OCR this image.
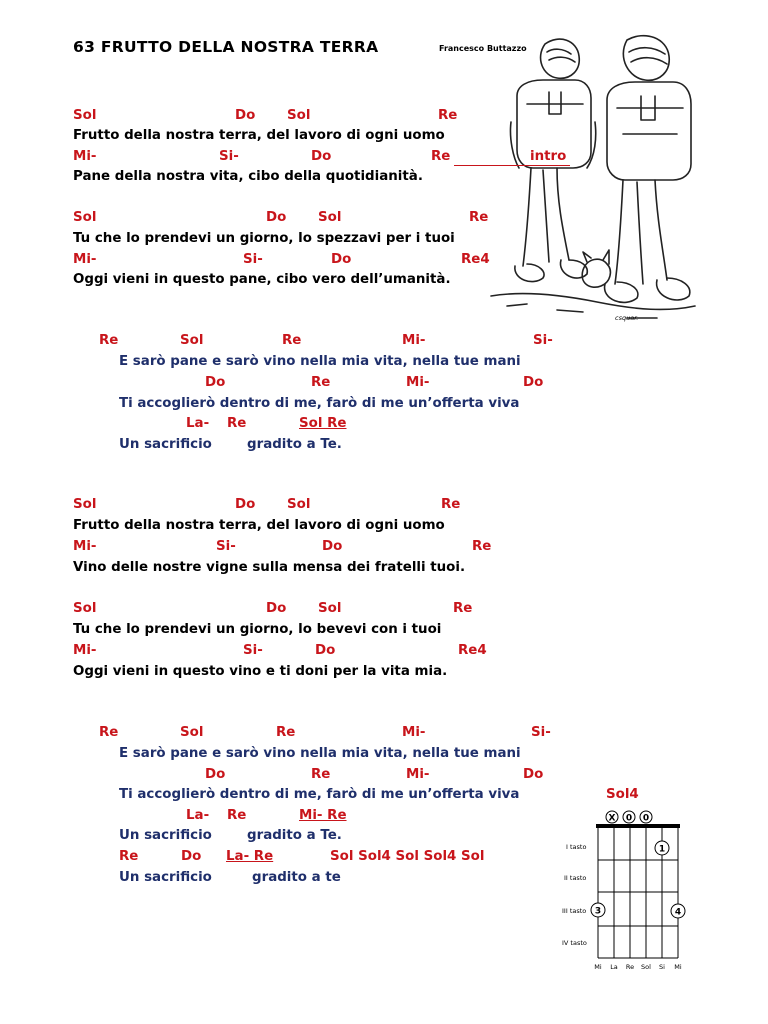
63 FRUTTO DELLA NOSTRA TERRA	Francesco Buttazzo
csquar.
Sol	Do Sol	Re
Frutto della nostra terra, del lavoro di ogni uomo
Mi-	Si-	Do	Re	intro
Pane della nostra vita, cibo della quotidianità.
Sol	Do Sol	Re
Tu che lo prendevi un giorno, lo spezzavi per i tuoi
Mi-	Si-	Do	Re4
Oggi vieni in questo pane, cibo vero dell’umanità.
Re	Sol	Re	Mi-	Si-
E sarò pane e sarò vino nella mia vita, nella tue mani
Do	Re	Mi-	Do
Ti accoglierò dentro di me, farò di me un’offerta viva
La- Re	Sol Re
Un sacrificio	gradito a Te.
Sol	Do Sol	Re
Frutto della nostra terra, del lavoro di ogni uomo
Mi-	Si-	Do	Re
Vino delle nostre vigne sulla mensa dei fratelli tuoi.
Sol	Do Sol	Re
Tu che lo prendevi un giorno, lo bevevi con i tuoi
Mi-	Si-	Do	Re4
Oggi vieni in questo vino e ti doni per la vita mia.
Re	Sol	Re	Mi-	Si-
E sarò pane e sarò vino nella mia vita, nella tue mani
Do	Re	Mi-	Do
Ti accoglierò dentro di me, farò di me un’offerta viva
La- Re	Mi- Re
Un sacrificio	gradito a Te.
Re	Do La- Re	Sol Sol4 Sol Sol4 Sol
Un sacrificio	gradito a te
Sol4
X 0 0
I tasto
II tasto
III tasto
IV tasto
1
3	4
Mi La Re Sol Si Mi
